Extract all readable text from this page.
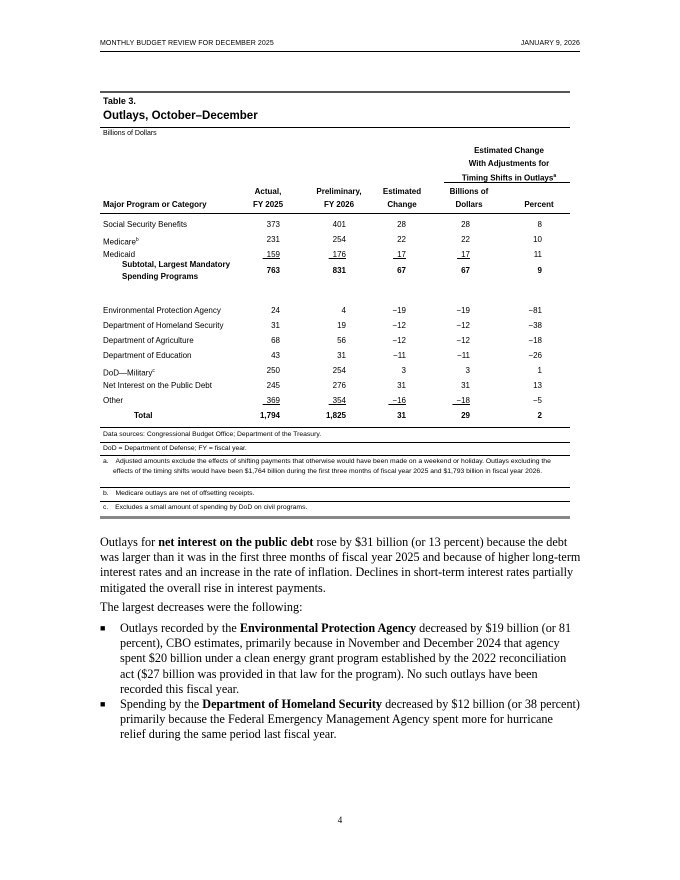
MONTHLY BUDGET REVIEW FOR DECEMBER 2025	JANUARY 9, 2026
Table 3.
Outlays, October–December
Billions of Dollars
Estimated Change
With Adjustments for
Timing Shifts in Outlays$^a$
Major Program or Category
Actual,
FY 2025
Preliminary,
FY 2026
Estimated
Change
Billions of
Dollars	Percent
Social Security Benefits	373	401	28	28	8
Medicare$^b$	231	254	22	22	10
Medicaid	 159	 176	 17	 17	11
Subtotal, Largest Mandatory
Spending Programs
763	831	67	67	9
Environmental Protection Agency	24	4	−19	−19	−81
Department of Homeland Security	31	19	−12	−12	−38
Department of Agriculture	68	56	−12	−12	−18
Department of Education	43	31	−11	−11	−26
DoD—Military$^c$	250	254	3	3	1
Net Interest on the Public Debt	245	276	31	31	13
Other	 369	 354	 −16	 −18	−5
Total	1,794	1,825	31	29	2
Data sources: Congressional Budget Office; Department of the Treasury.
DoD = Department of Defense; FY = fiscal year.
a. Adjusted amounts exclude the effects of shifting payments that otherwise would have been made on a weekend or holiday. Outlays excluding the effects of the timing shifts would have been $1,764 billion during the first three months of fiscal year 2025 and $1,793 billion in fiscal year 2026.
b. Medicare outlays are net of offsetting receipts.
c. Excludes a small amount of spending by DoD on civil programs.
Outlays for net interest on the public debt rose by $31 billion (or 13 percent) because the debt was larger than it was in the first three months of fiscal year 2025 and because of higher long-term interest rates and an increase in the rate of inflation. Declines in short-term interest rates partially mitigated the overall rise in interest payments.
The largest decreases were the following:
■ Outlays recorded by the Environmental Protection Agency decreased by $19 billion (or 81 percent), CBO estimates, primarily because in November and December 2024 that agency spent $20 billion under a clean energy grant program established by the 2022 reconciliation act ($27 billion was provided in that law for the program). No such outlays have been recorded this fiscal year.
■ Spending by the Department of Homeland Security decreased by $12 billion (or 38 percent) primarily because the Federal Emergency Management Agency spent more for hurricane relief during the same period last fiscal year.
4
